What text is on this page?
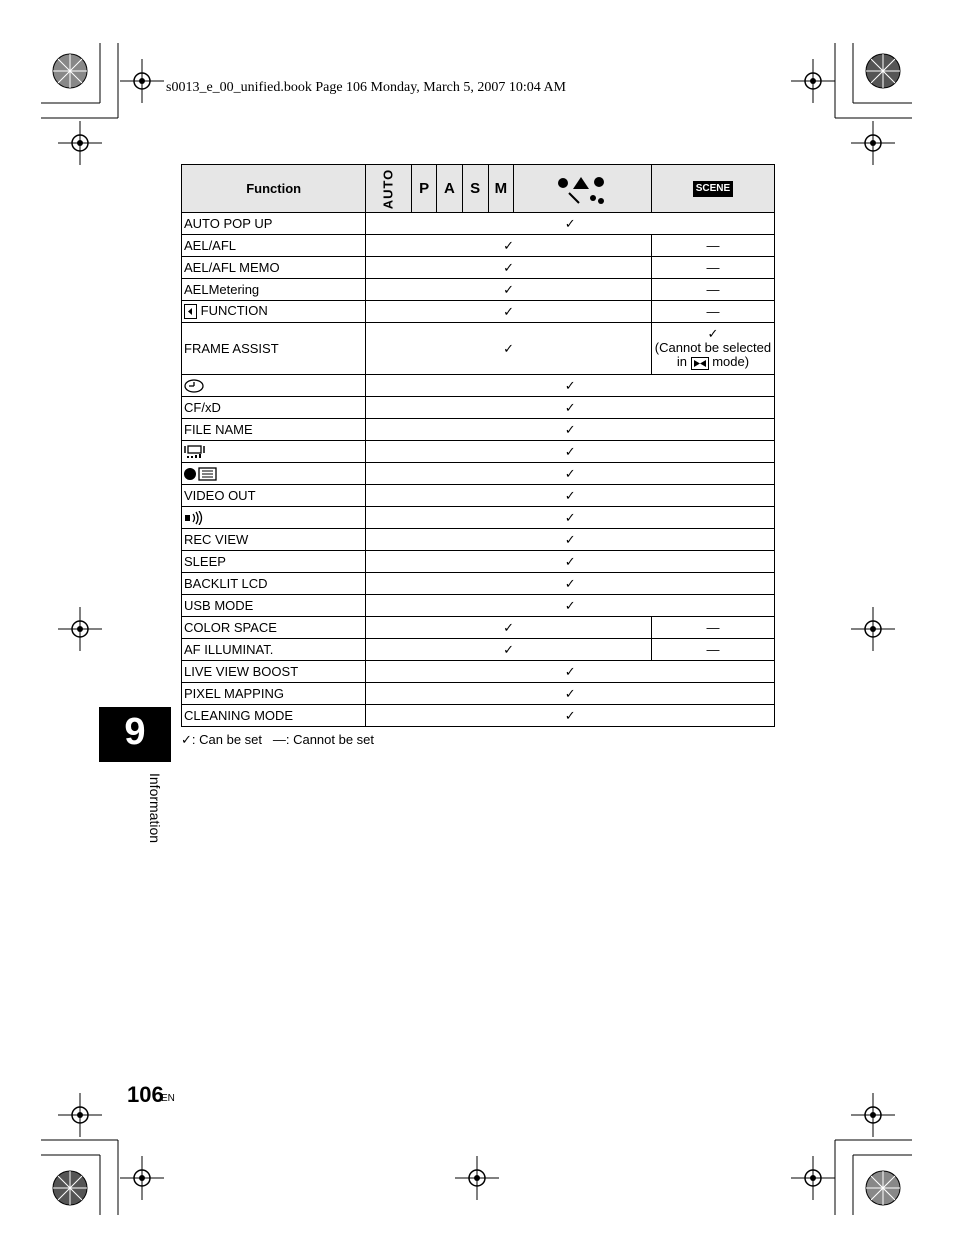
s0013_e_00_unified.book Page 106 Monday, March 5, 2007 10:04 AM
Function	AUTO	P	A	S	M		SCENE
AUTO POP UP	✓						
AEL/AFL	✓						—
AEL/AFL MEMO	✓						—
AELMetering	✓						—
FUNCTION	✓						—
FRAME ASSIST	✓						✓
(Cannot be selected
in mode)

	✓						
CF/xD	✓						
FILE NAME	✓						
	✓						
	✓						
VIDEO OUT	✓						
	✓						
REC VIEW	✓						
SLEEP	✓						
BACKLIT LCD	✓						
USB MODE	✓						
COLOR SPACE	✓						—
AF ILLUMINAT.	✓						—
LIVE VIEW BOOST	✓						
PIXEL MAPPING	✓						
CLEANING MODE	✓						
✓: Can be set —: Cannot be set
9
Information
106
EN
